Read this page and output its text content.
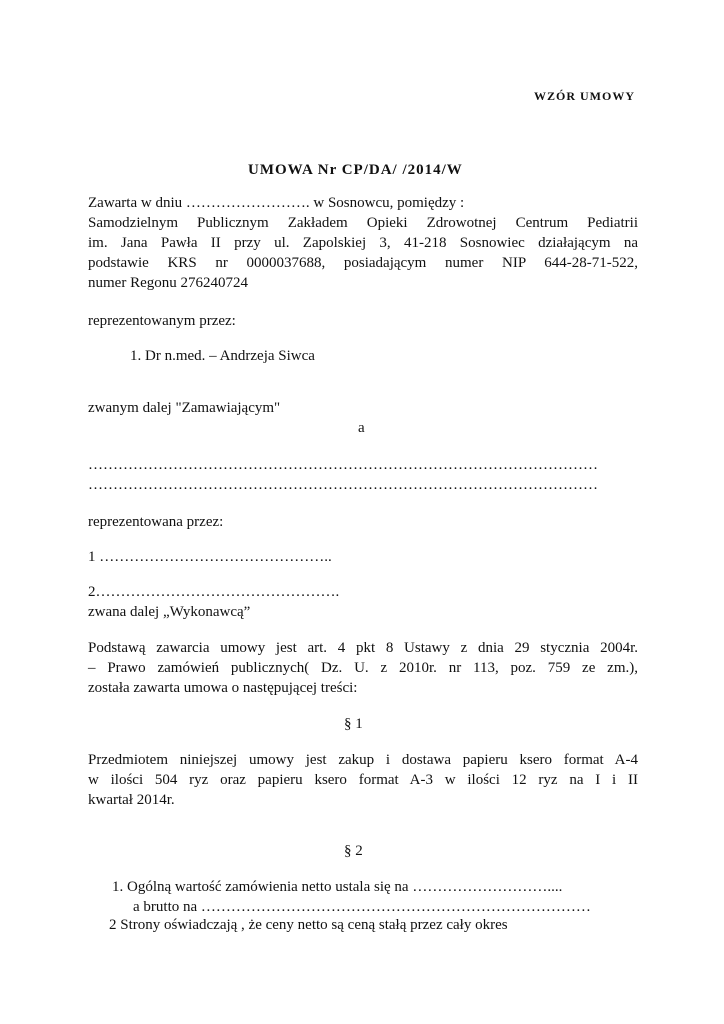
WZÓR UMOWY
UMOWA Nr CP/DA/ /2014/W
Zawarta w dniu ……………………. w Sosnowcu, pomiędzy :
Samodzielnym Publicznym Zakładem Opieki Zdrowotnej Centrum Pediatrii
im. Jana Pawła II przy ul. Zapolskiej 3, 41-218 Sosnowiec działającym na
podstawie KRS nr 0000037688, posiadającym numer NIP 644-28-71-522,
numer Regonu 276240724
reprezentowanym przez:
1. Dr n.med. – Andrzeja Siwca
zwanym dalej "Zamawiającym"
a
…………………………………………………………………………………………
…………………………………………………………………………………………
reprezentowana przez:
1 ………………………………………..
2………………………………………….
zwana dalej „Wykonawcą”
Podstawą zawarcia umowy jest art. 4 pkt 8 Ustawy z dnia 29 stycznia 2004r.
– Prawo zamówień publicznych( Dz. U. z 2010r. nr 113, poz. 759 ze zm.),
została zawarta umowa o następującej treści:
§ 1
Przedmiotem niniejszej umowy jest zakup i dostawa papieru ksero format A-4
w ilości 504 ryz oraz papieru ksero format A-3 w ilości 12 ryz na I i II
kwartał 2014r.
§ 2
1. Ogólną wartość zamówienia netto ustala się na ………………………....
a brutto na ……………………………………………………………………
2 Strony oświadczają , że ceny netto są ceną stałą przez cały okres
